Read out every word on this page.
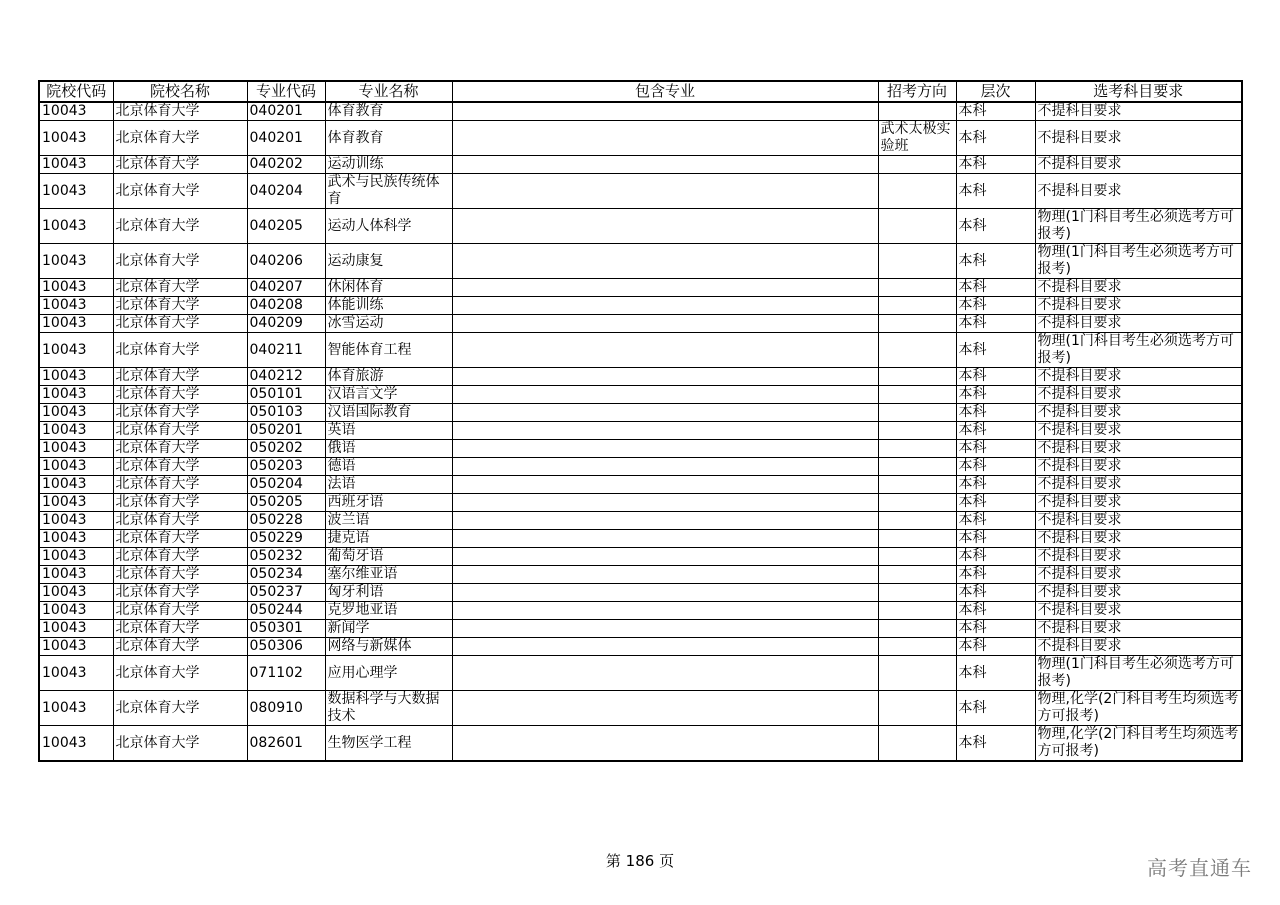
院校代码	院校名称	专业代码	专业名称	包含专业	招考方向	层次	选考科目要求
10043	北京体育大学	040201	体育教育			本科	不提科目要求
10043	北京体育大学	040201	体育教育		武术太极实验班	本科	不提科目要求
10043	北京体育大学	040202	运动训练			本科	不提科目要求
10043	北京体育大学	040204	武术与民族传统体育			本科	不提科目要求
10043	北京体育大学	040205	运动人体科学			本科	物理(1门科目考生必须选考方可报考)
10043	北京体育大学	040206	运动康复			本科	物理(1门科目考生必须选考方可报考)
10043	北京体育大学	040207	休闲体育			本科	不提科目要求
10043	北京体育大学	040208	体能训练			本科	不提科目要求
10043	北京体育大学	040209	冰雪运动			本科	不提科目要求
10043	北京体育大学	040211	智能体育工程			本科	物理(1门科目考生必须选考方可报考)
10043	北京体育大学	040212	体育旅游			本科	不提科目要求
10043	北京体育大学	050101	汉语言文学			本科	不提科目要求
10043	北京体育大学	050103	汉语国际教育			本科	不提科目要求
10043	北京体育大学	050201	英语			本科	不提科目要求
10043	北京体育大学	050202	俄语			本科	不提科目要求
10043	北京体育大学	050203	德语			本科	不提科目要求
10043	北京体育大学	050204	法语			本科	不提科目要求
10043	北京体育大学	050205	西班牙语			本科	不提科目要求
10043	北京体育大学	050228	波兰语			本科	不提科目要求
10043	北京体育大学	050229	捷克语			本科	不提科目要求
10043	北京体育大学	050232	葡萄牙语			本科	不提科目要求
10043	北京体育大学	050234	塞尔维亚语			本科	不提科目要求
10043	北京体育大学	050237	匈牙利语			本科	不提科目要求
10043	北京体育大学	050244	克罗地亚语			本科	不提科目要求
10043	北京体育大学	050301	新闻学			本科	不提科目要求
10043	北京体育大学	050306	网络与新媒体			本科	不提科目要求
10043	北京体育大学	071102	应用心理学			本科	物理(1门科目考生必须选考方可报考)
10043	北京体育大学	080910	数据科学与大数据技术			本科	物理,化学(2门科目考生均须选考方可报考)
10043	北京体育大学	082601	生物医学工程			本科	物理,化学(2门科目考生均须选考方可报考)
第 186 页	高考直通车
